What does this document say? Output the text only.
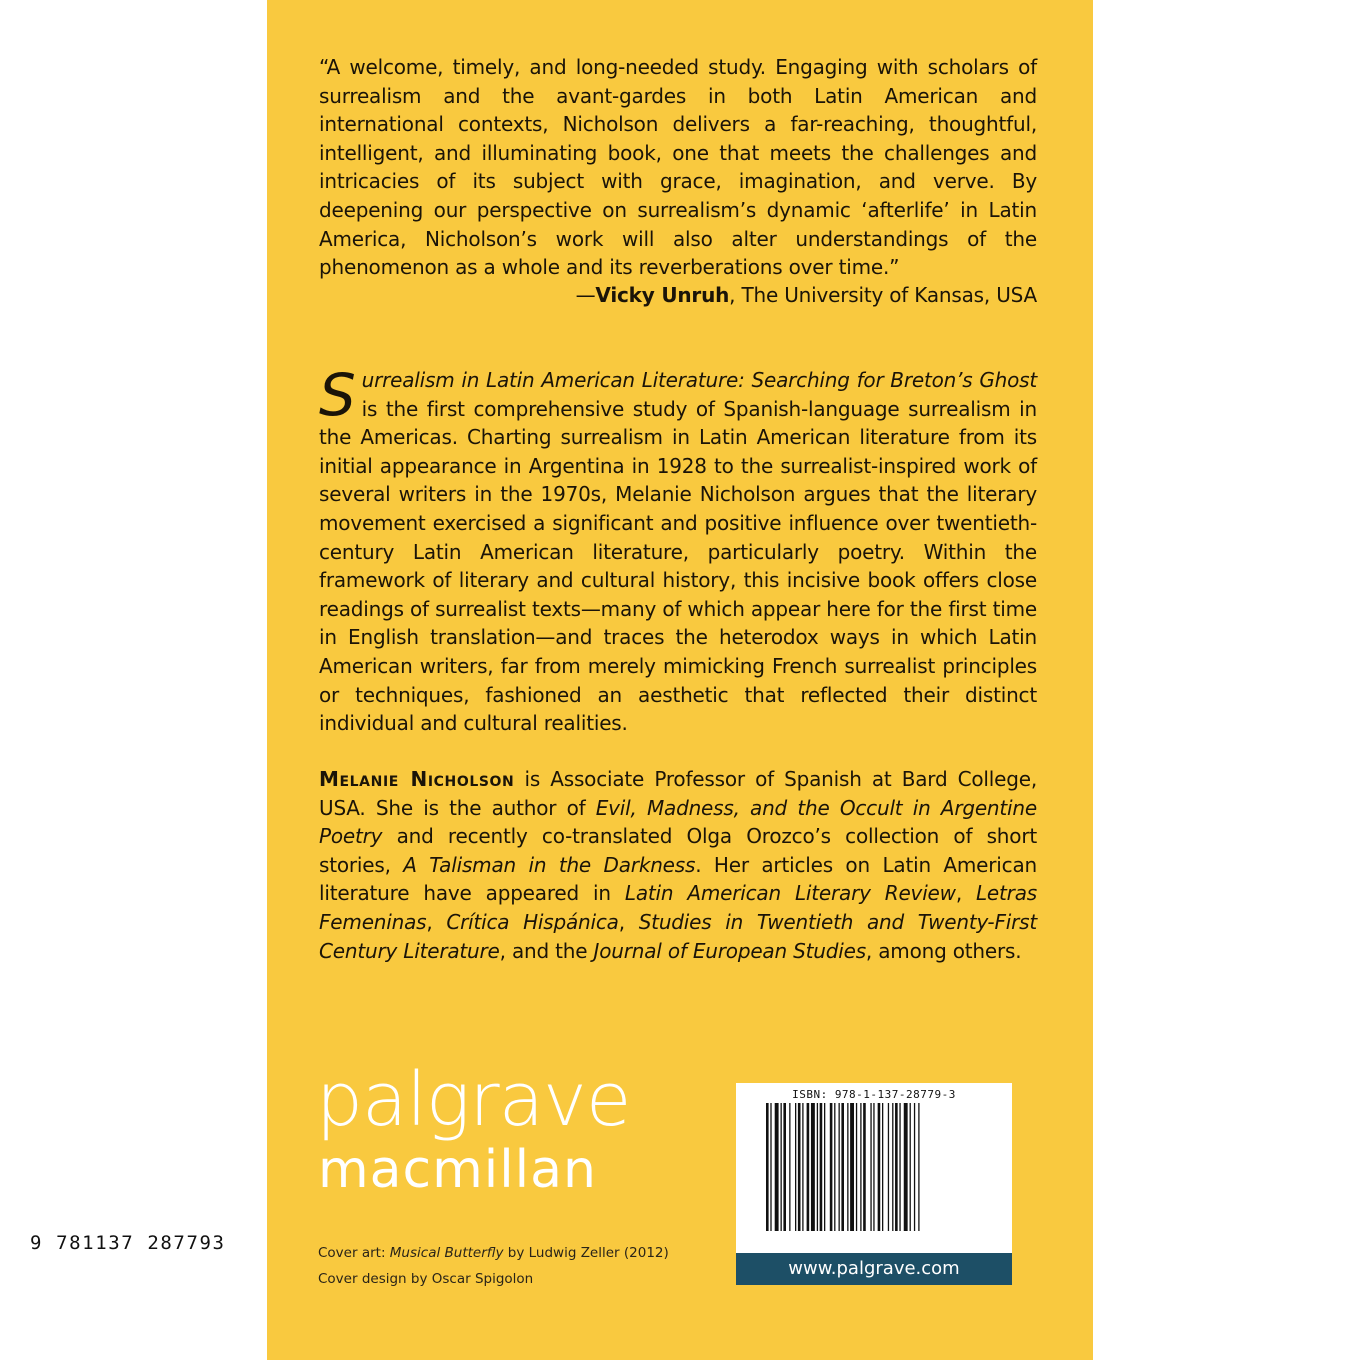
“A welcome, timely, and long-needed study. Engaging with scholars of surrealism and the avant-gardes in both Latin American and international contexts, Nicholson delivers a far-reaching, thoughtful, intelligent, and illuminating book, one that meets the challenges and intricacies of its subject with grace, imagination, and verve. By deepening our perspective on surrealism’s dynamic ‘afterlife’ in Latin America, Nicholson’s work will also alter understandings of the phenomenon as a whole and its reverberations over time.”
—Vicky Unruh, The University of Kansas, USA
Surrealism in Latin American Literature: Searching for Breton’s Ghost is the first comprehensive study of Spanish-language surrealism in the Americas. Charting surrealism in Latin American literature from its initial appearance in Argentina in 1928 to the surrealist-inspired work of several writers in the 1970s, Melanie Nicholson argues that the literary movement exercised a significant and positive influence over twentieth-century Latin American literature, particularly poetry. Within the framework of literary and cultural history, this incisive book offers close readings of surrealist texts—many of which appear here for the first time in English translation—and traces the heterodox ways in which Latin American writers, far from merely mimicking French surrealist principles or techniques, fashioned an aesthetic that reflected their distinct individual and cultural realities.
Melanie Nicholson is Associate Professor of Spanish at Bard College, USA. She is the author of Evil, Madness, and the Occult in Argentine Poetry and recently co-translated Olga Orozco’s collection of short stories, A Talisman in the Darkness. Her articles on Latin American literature have appeared in Latin American Literary Review, Letras Femeninas, Crítica Hispánica, Studies in Twentieth and Twenty-First Century Literature, and the Journal of European Studies, among others.
palgrave
macmillan
Cover art: Musical Butterfly by Ludwig Zeller (2012)
Cover design by Oscar Spigolon
ISBN: 978-1-137-28779-3
www.palgrave.com
9 781137 287793
